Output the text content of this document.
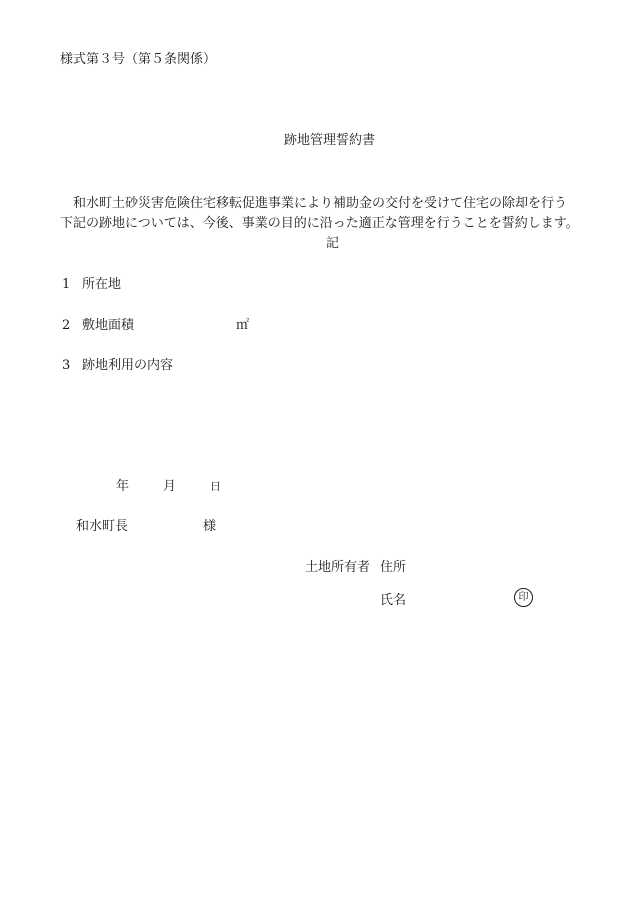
様式第３号（第５条関係）
跡地管理誓約書
　和水町土砂災害危険住宅移転促進事業により補助金の交付を受けて住宅の除却を行う
下記の跡地については、今後、事業の目的に沿った適正な管理を行うことを誓約します。
記
1 所在地
2 敷地面積	㎡
3 跡地利用の内容
年	月	日
和水町長	様
土地所有者 住所
氏名	印
